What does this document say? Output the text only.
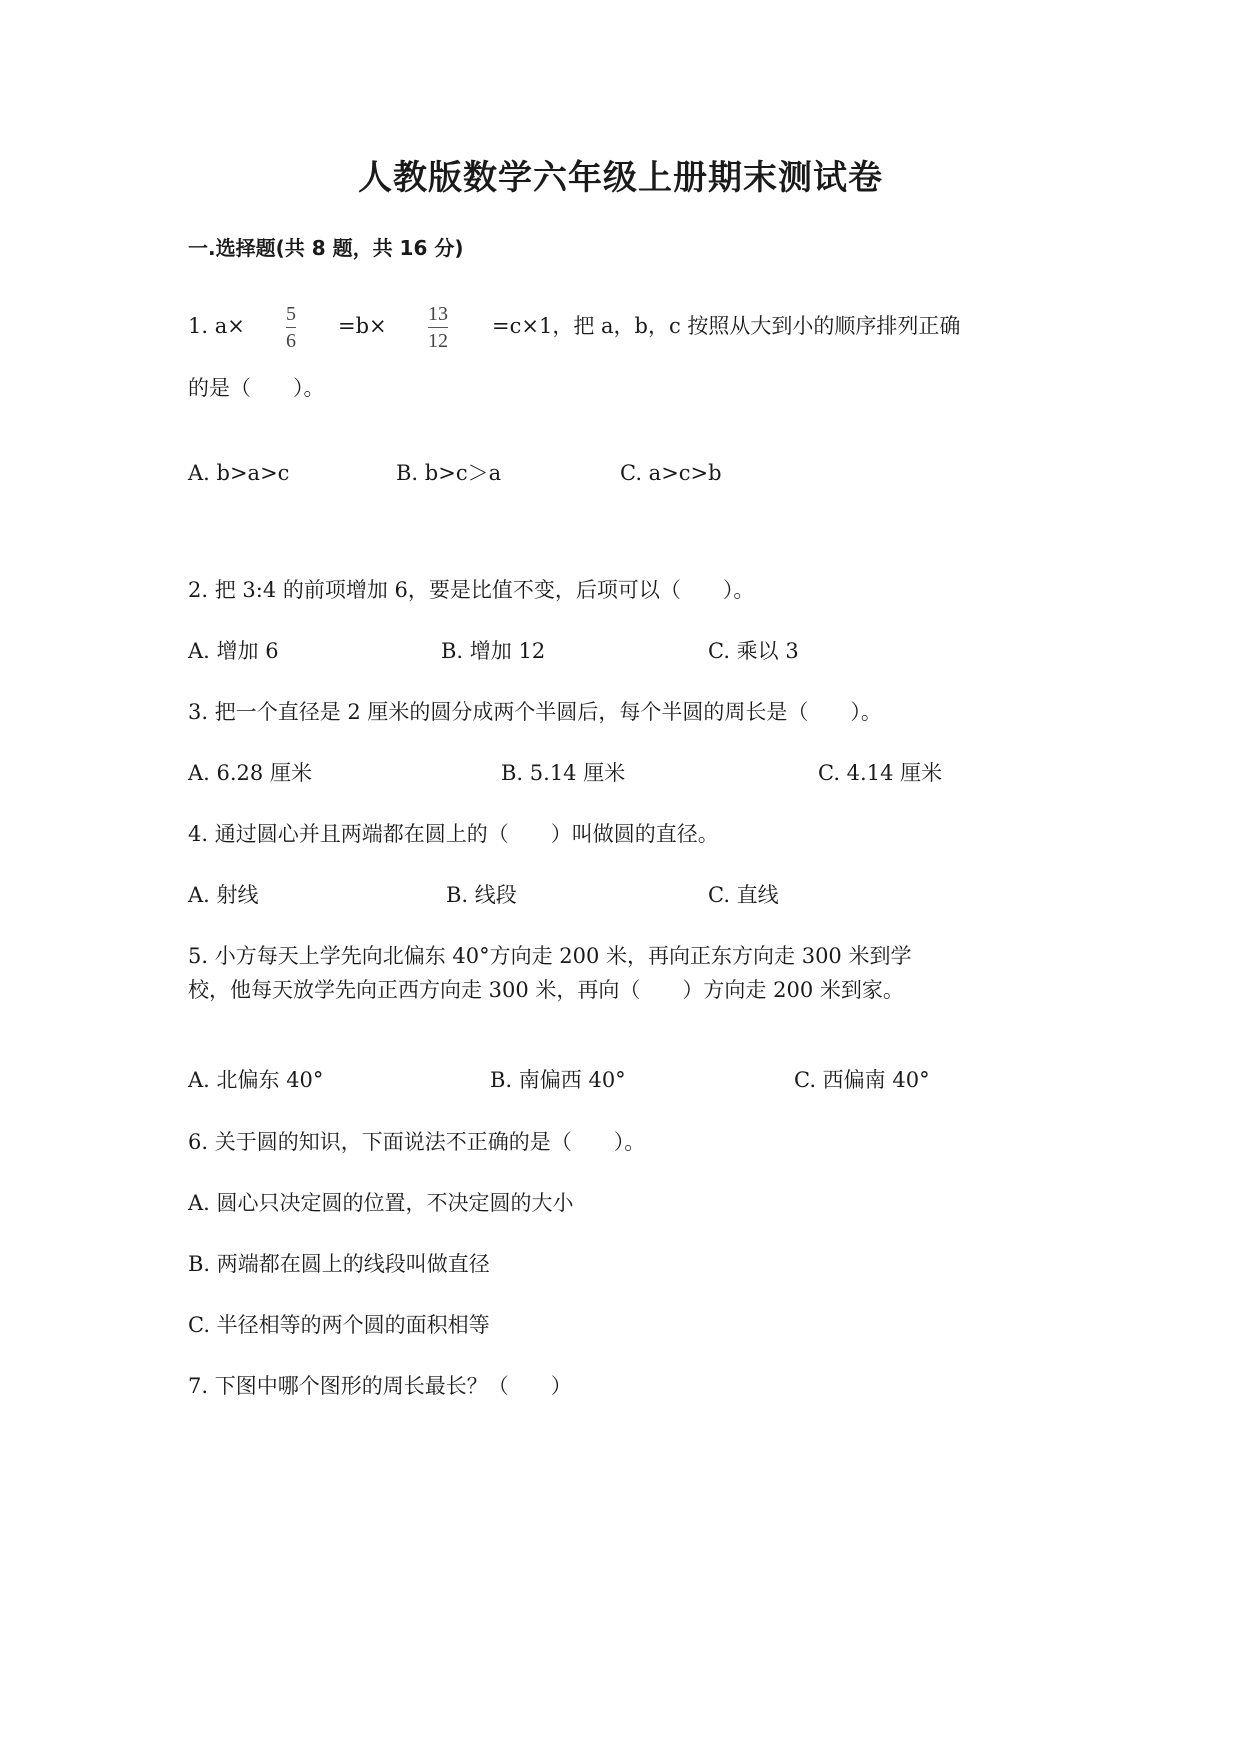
人教版数学六年级上册期末测试卷
一.选择题(共 8 题，共 16 分)
1. a× 5
6
=b× 13
12
=c×1，把 a，b，c 按照从大到小的顺序排列正确
的是（　　）。
A. b>a>c	B. b>c＞a	C. a>c>b
2. 把 3:4 的前项增加 6，要是比值不变，后项可以（　　）。
A. 增加 6	B. 增加 12	C. 乘以 3
3. 把一个直径是 2 厘米的圆分成两个半圆后，每个半圆的周长是（　　）。
A. 6.28 厘米	B. 5.14 厘米	C. 4.14 厘米
4. 通过圆心并且两端都在圆上的（　　）叫做圆的直径。
A. 射线	B. 线段	C. 直线
5. 小方每天上学先向北偏东 40°方向走 200 米，再向正东方向走 300 米到学
校，他每天放学先向正西方向走 300 米，再向（　　）方向走 200 米到家。
A. 北偏东 40°	B. 南偏西 40°	C. 西偏南 40°
6. 关于圆的知识，下面说法不正确的是（　　）。
A. 圆心只决定圆的位置，不决定圆的大小
B. 两端都在圆上的线段叫做直径
C. 半径相等的两个圆的面积相等
7. 下图中哪个图形的周长最长？（　　）
